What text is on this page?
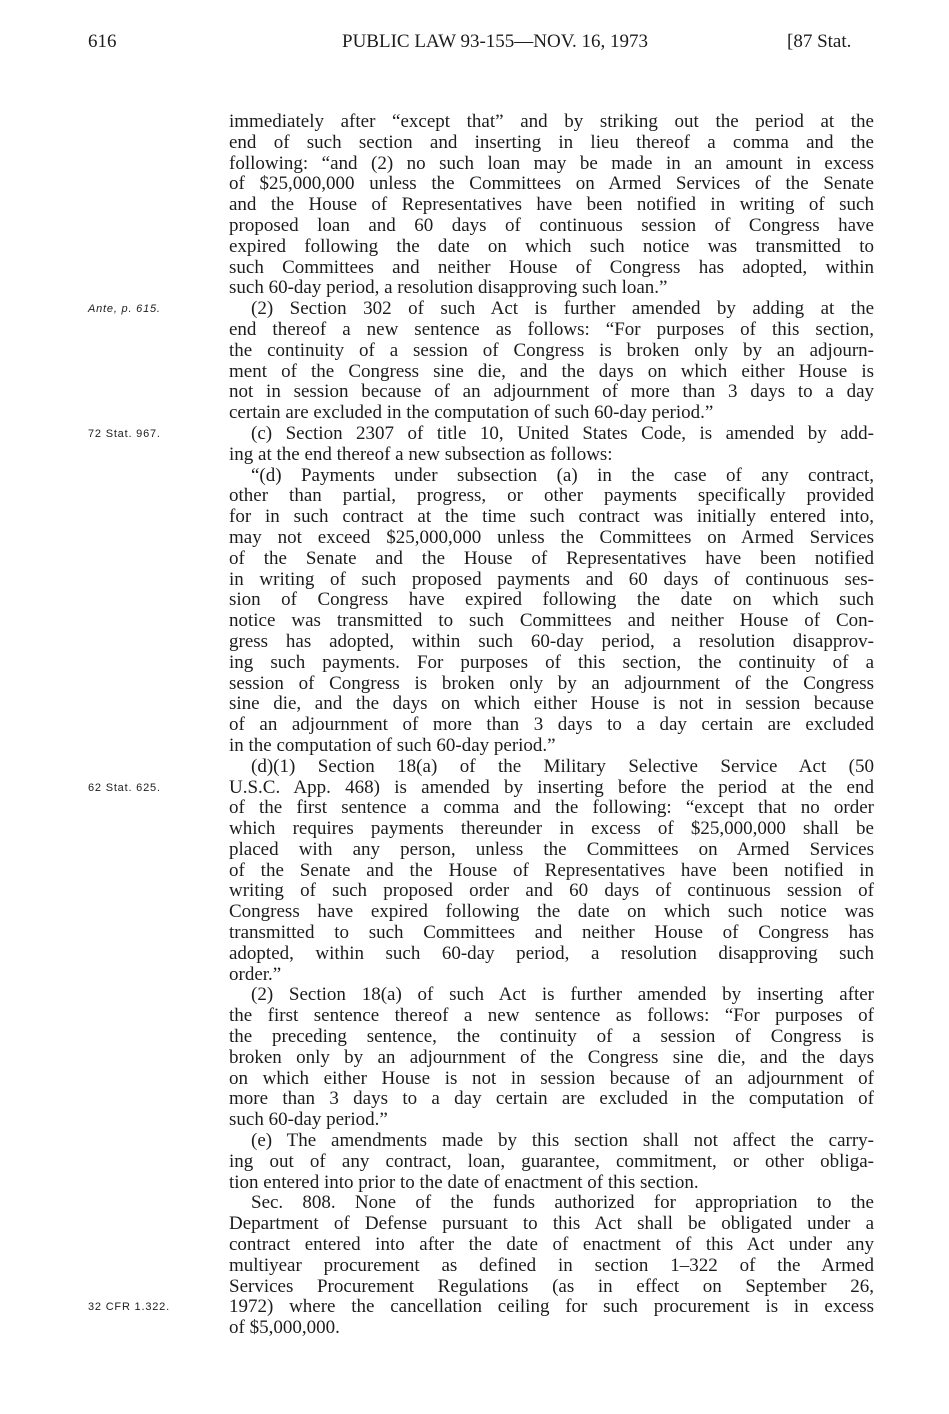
616	PUBLIC LAW 93-155—NOV. 16, 1973	[87 Stat.
immediately after “except that” and by striking out the period at the
end of such section and inserting in lieu thereof a comma and the
following: “and (2) no such loan may be made in an amount in excess
of $25,000,000 unless the Committees on Armed Services of the Senate
and the House of Representatives have been notified in writing of such
proposed loan and 60 days of continuous session of Congress have
expired following the date on which such notice was transmitted to
such Committees and neither House of Congress has adopted, within
such 60-day period, a resolution disapproving such loan.”
(2) Section 302 of such Act is further amended by adding at the
Ante, p. 615.
end thereof a new sentence as follows: “For purposes of this section,
the continuity of a session of Congress is broken only by an adjourn-
ment of the Congress sine die, and the days on which either House is
not in session because of an adjournment of more than 3 days to a day
certain are excluded in the computation of such 60-day period.”
(c) Section 2307 of title 10, United States Code, is amended by add-
72 Stat. 967.
ing at the end thereof a new subsection as follows:
“(d) Payments under subsection (a) in the case of any contract,
other than partial, progress, or other payments specifically provided
for in such contract at the time such contract was initially entered into,
may not exceed $25,000,000 unless the Committees on Armed Services
of the Senate and the House of Representatives have been notified
in writing of such proposed payments and 60 days of continuous ses-
sion of Congress have expired following the date on which such
notice was transmitted to such Committees and neither House of Con-
gress has adopted, within such 60-day period, a resolution disapprov-
ing such payments. For purposes of this section, the continuity of a
session of Congress is broken only by an adjournment of the Congress
sine die, and the days on which either House is not in session because
of an adjournment of more than 3 days to a day certain are excluded
in the computation of such 60-day period.”
(d)(1) Section 18(a) of the Military Selective Service Act (50
U.S.C. App. 468) is amended by inserting before the period at the end
62 Stat. 625.
of the first sentence a comma and the following: “except that no order
which requires payments thereunder in excess of $25,000,000 shall be
placed with any person, unless the Committees on Armed Services
of the Senate and the House of Representatives have been notified in
writing of such proposed order and 60 days of continuous session of
Congress have expired following the date on which such notice was
transmitted to such Committees and neither House of Congress has
adopted, within such 60-day period, a resolution disapproving such
order.”
(2) Section 18(a) of such Act is further amended by inserting after
the first sentence thereof a new sentence as follows: “For purposes of
the preceding sentence, the continuity of a session of Congress is
broken only by an adjournment of the Congress sine die, and the days
on which either House is not in session because of an adjournment of
more than 3 days to a day certain are excluded in the computation of
such 60-day period.”
(e) The amendments made by this section shall not affect the carry-
ing out of any contract, loan, guarantee, commitment, or other obliga-
tion entered into prior to the date of enactment of this section.
Sec. 808. None of the funds authorized for appropriation to the
Department of Defense pursuant to this Act shall be obligated under a
contract entered into after the date of enactment of this Act under any
multiyear procurement as defined in section 1–322 of the Armed
Services Procurement Regulations (as in effect on September 26,
1972) where the cancellation ceiling for such procurement is in excess
32 CFR 1.322.
of $5,000,000.
